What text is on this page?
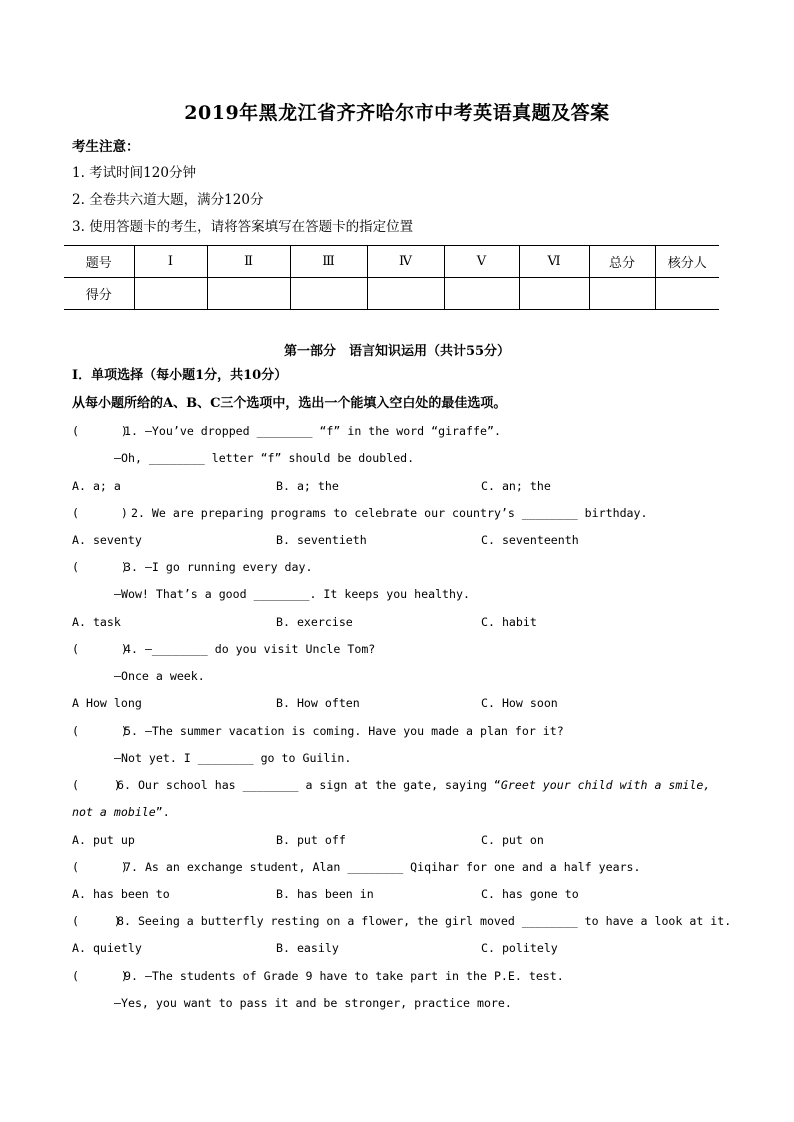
2019年黑龙江省齐齐哈尔市中考英语真题及答案
考生注意：
1. 考试时间120分钟
2. 全卷共六道大题，满分120分
3. 使用答题卡的考生，请将答案填写在答题卡的指定位置
题号	Ⅰ	Ⅱ	Ⅲ	Ⅳ	Ⅴ	Ⅵ	总分	核分人
得分								
第一部分　语言知识运用（共计55分）
Ⅰ．单项选择（每小题1分，共10分）
从每小题所给的A、B、C三个选项中，选出一个能填入空白处的最佳选项。
(      )1. —You’ve dropped ________ “f” in the word “giraffe”.
—Oh, ________ letter “f” should be doubled.
A. a; a	B. a; the	C. an; the
(      ) 2. We are preparing programs to celebrate our country’s ________ birthday.
A. seventy	B. seventieth	C. seventeenth
(      )3. —I go running every day.
—Wow! That’s a good ________. It keeps you healthy.
A. task	B. exercise	C. habit
(      )4. —________ do you visit Uncle Tom?
—Once a week.
A How long	B. How often	C. How soon
(      )5. —The summer vacation is coming. Have you made a plan for it?
—Not yet. I ________ go to Guilin.
(     )6. Our school has ________ a sign at the gate, saying “Greet your child with a smile,
not a mobile”.
A. put up	B. put off	C. put on
(      )7. As an exchange student, Alan ________ Qiqihar for one and a half years.
A. has been to	B. has been in	C. has gone to
(     )8. Seeing a butterfly resting on a flower, the girl moved ________ to have a look at it.
A. quietly	B. easily	C. politely
(      )9. —The students of Grade 9 have to take part in the P.E. test.
—Yes, you want to pass it and be stronger, practice more.
